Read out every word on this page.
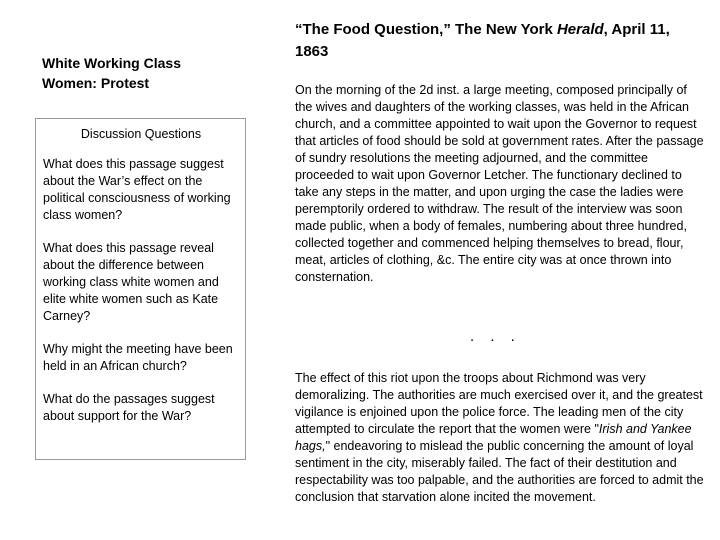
White Working Class Women: Protest

Discussion Questions

What does this passage suggest about the War’s effect on the political consciousness of working class women?

What does this passage reveal about the difference between working class white women and elite white women such as Kate Carney?

Why might the meeting have been held in an African church?

What do the passages suggest about support for the War?

“The Food Question,” The New York Herald, April 11, 1863

On the morning of the 2d inst. a large meeting, composed principally of the wives and daughters of the working classes, was held in the African church, and a committee appointed to wait upon the Governor to request that articles of food should be sold at government rates. After the passage of sundry resolutions the meeting adjourned, and the committee proceeded to wait upon Governor Letcher. The functionary declined to take any steps in the matter, and upon urging the case the ladies were peremptorily ordered to withdraw. The result of the interview was soon made public, when a body of females, numbering about three hundred, collected together and commenced helping themselves to bread, flour, meat, articles of clothing, &c. The entire city was at once thrown into consternation.

. . .

The effect of this riot upon the troops about Richmond was very demoralizing. The authorities are much exercised over it, and the greatest vigilance is enjoined upon the police force. The leading men of the city attempted to circulate the report that the women were "Irish and Yankee hags," endeavoring to mislead the public concerning the amount of loyal sentiment in the city, miserably failed. The fact of their destitution and respectability was too palpable, and the authorities are forced to admit the conclusion that starvation alone incited the movement.
